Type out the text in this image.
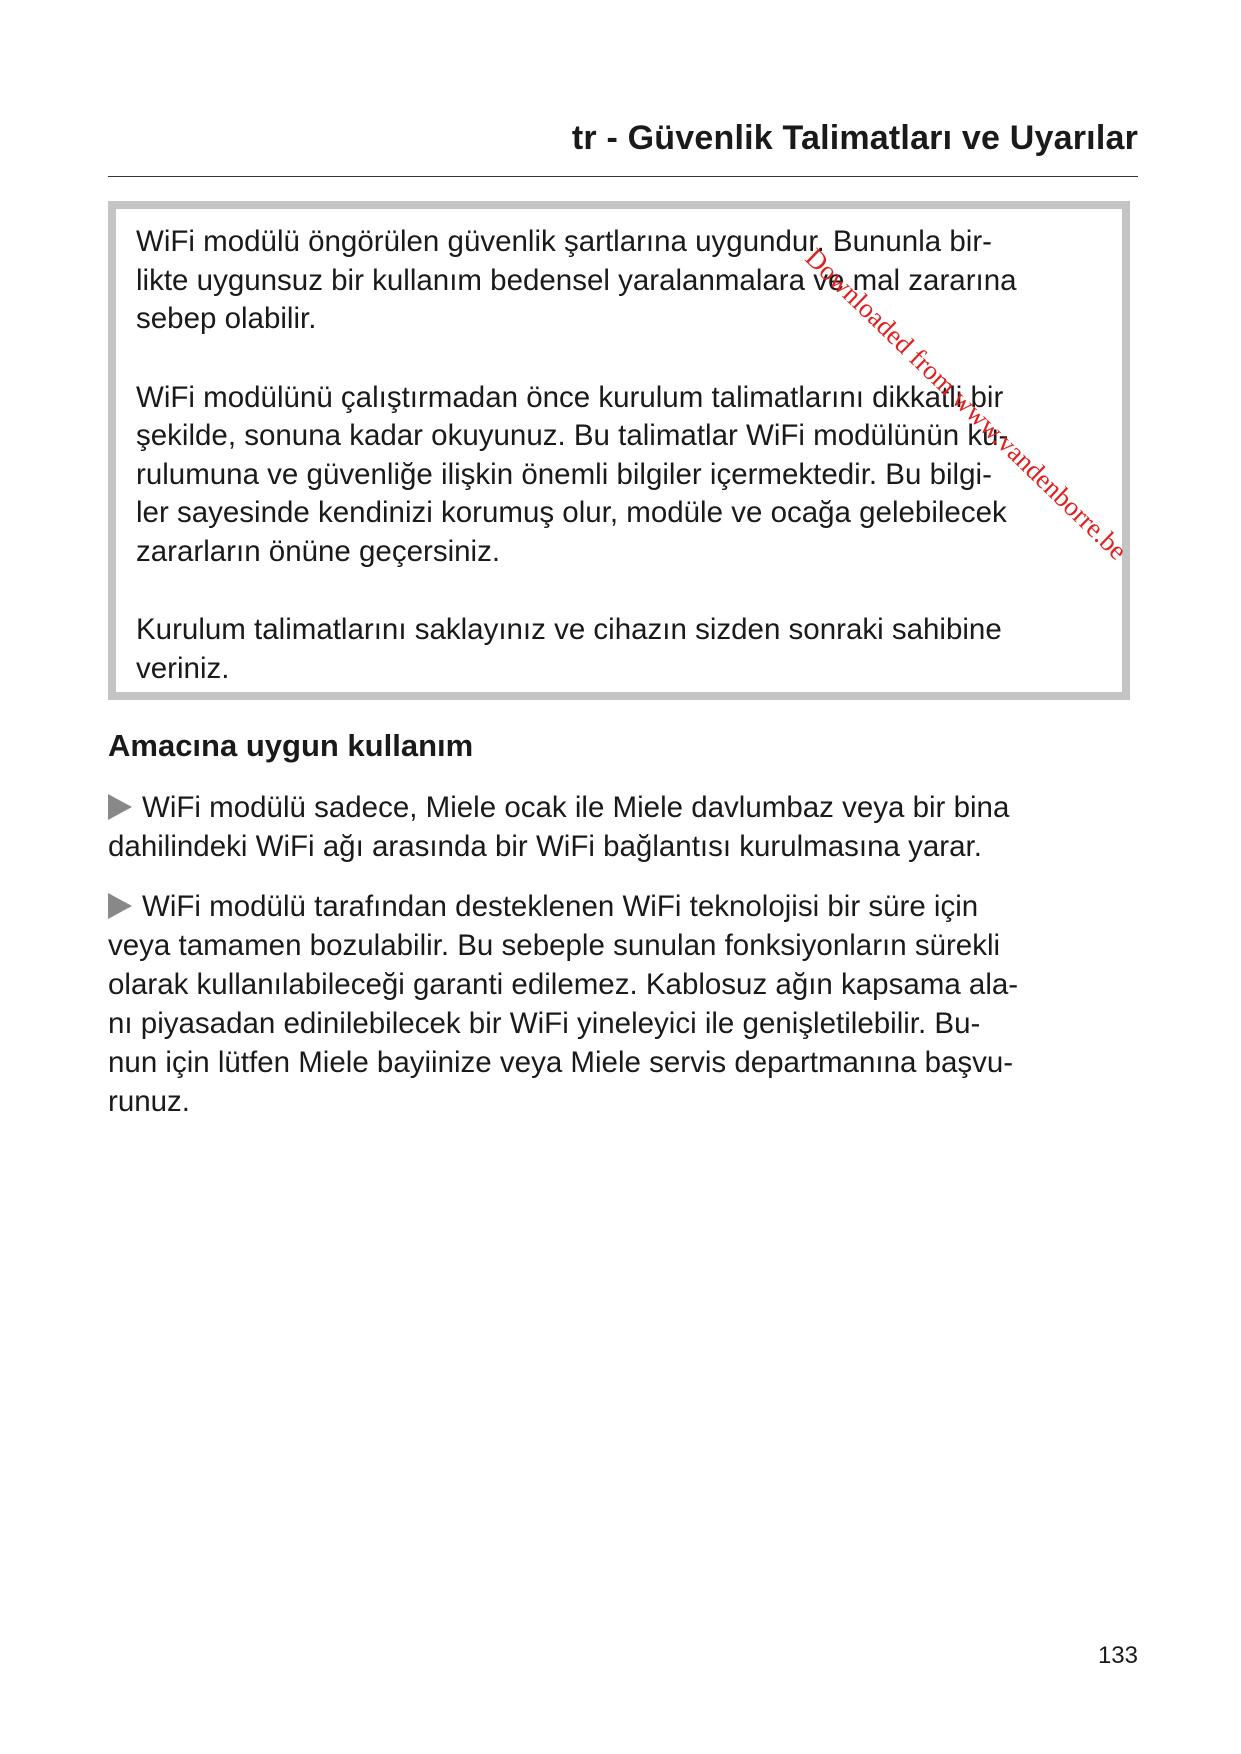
tr - Güvenlik Talimatları ve Uyarılar

WiFi modülü öngörülen güvenlik şartlarına uygundur. Bununla bir-
likte uygunsuz bir kullanım bedensel yaralanmalara ve mal zararına
sebep olabilir.

WiFi modülünü çalıştırmadan önce kurulum talimatlarını dikkatli bir
şekilde, sonuna kadar okuyunuz. Bu talimatlar WiFi modülünün ku-
rulumuna ve güvenliğe ilişkin önemli bilgiler içermektedir. Bu bilgi-
ler sayesinde kendinizi korumuş olur, modüle ve ocağa gelebilecek
zararların önüne geçersiniz.

Kurulum talimatlarını saklayınız ve cihazın sizden sonraki sahibine
veriniz.

Amacına uygun kullanım

WiFi modülü sadece, Miele ocak ile Miele davlumbaz veya bir bina
dahilindeki WiFi ağı arasında bir WiFi bağlantısı kurulmasına yarar.

WiFi modülü tarafından desteklenen WiFi teknolojisi bir süre için
veya tamamen bozulabilir. Bu sebeple sunulan fonksiyonların sürekli
olarak kullanılabileceği garanti edilemez. Kablosuz ağın kapsama ala-
nı piyasadan edinilebilecek bir WiFi yineleyici ile genişletilebilir. Bu-
nun için lütfen Miele bayiinize veya Miele servis departmanına başvu-
runuz.

133
Downloaded from www.vandenborre.be
